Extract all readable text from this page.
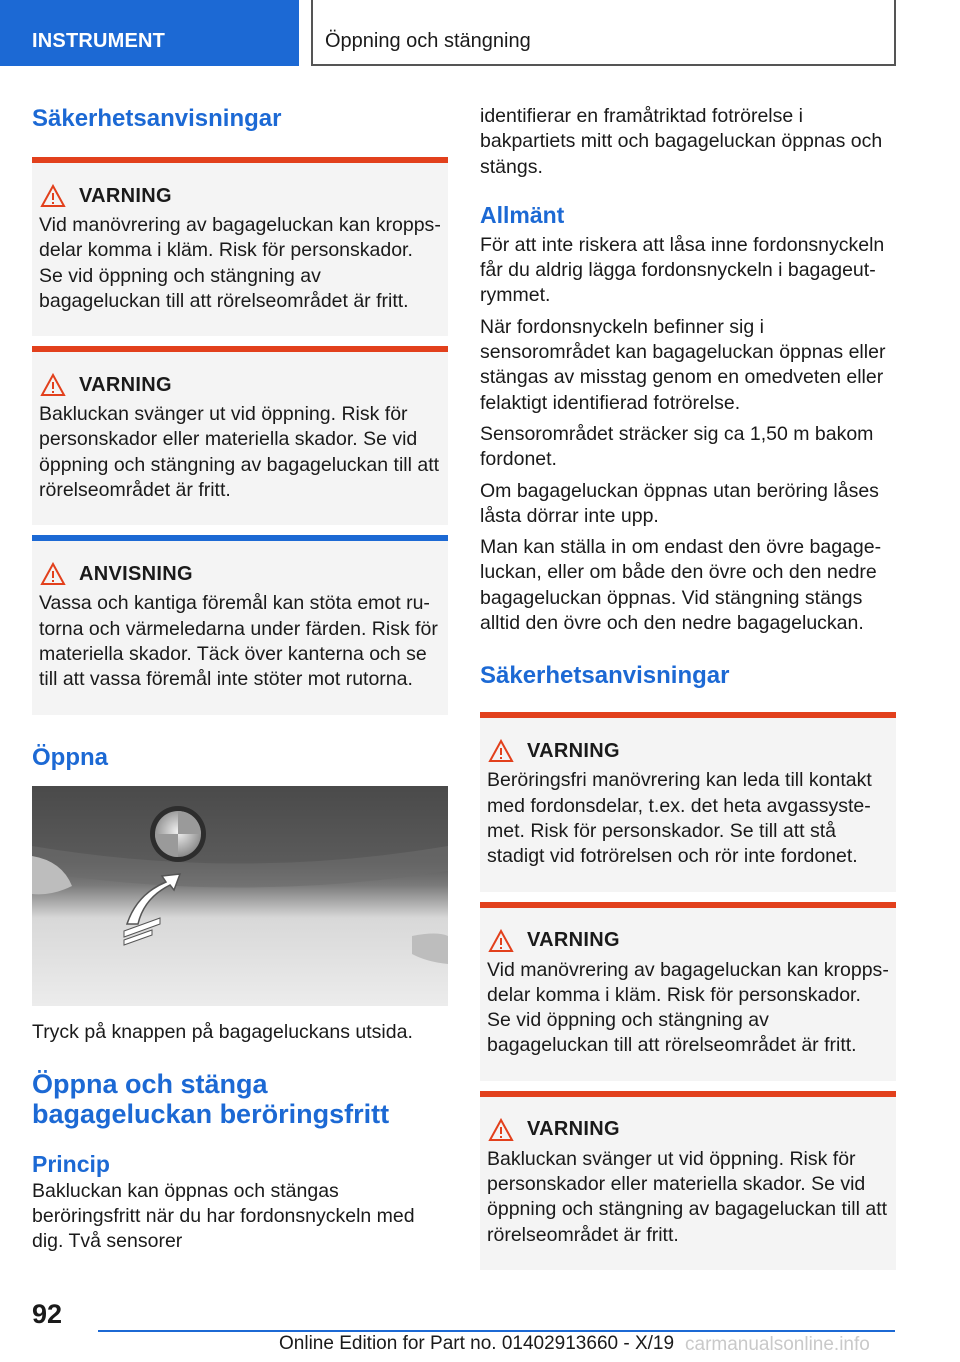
INSTRUMENT	Öppning och stängning
Säkerhetsanvisningar
VARNING

Vid manövrering av bagageluckan kan kroppsdelar komma i kläm. Risk för personskador. Se vid öppning och stängning av bagageluckan till att rörelseområdet är fritt.

VARNING

Bakluckan svänger ut vid öppning. Risk för personskador eller materiella skador. Se vid öppning och stängning av bagageluckan till att rörelseområdet är fritt.

ANVISNING

Vassa och kantiga föremål kan stöta emot rutorna och värmeledarna under färden. Risk för materiella skador. Täck över kanterna och se till att vassa föremål inte stöter mot rutorna.

Öppna

Tryck på knappen på bagageluckans utsida.

Öppna och stänga bagageluckan beröringsfritt
Princip

Bakluckan kan öppnas och stängas beröringsfritt när du har fordonsnyckeln med dig. Två sensorer

identifierar en framåtriktad fotrörelse i bakpartiets mitt och bagageluckan öppnas och stängs.

Allmänt

För att inte riskera att låsa inne fordonsnyckeln får du aldrig lägga fordonsnyckeln i bagageutrymmet.

När fordonsnyckeln befinner sig i sensorområdet kan bagageluckan öppnas eller stängas av misstag genom en omedveten eller felaktigt identifierad fotrörelse.

Sensorområdet sträcker sig ca 1,50 m bakom fordonet.

Om bagageluckan öppnas utan beröring låses låsta dörrar inte upp.

Man kan ställa in om endast den övre bagageluckan, eller om både den övre och den nedre bagageluckan öppnas. Vid stängning stängs alltid den övre och den nedre bagageluckan.

Säkerhetsanvisningar
VARNING

Beröringsfri manövrering kan leda till kontakt med fordonsdelar, t.ex. det heta avgassystemet. Risk för personskador. Se till att stå stadigt vid fotrörelsen och rör inte fordonet.

VARNING

Vid manövrering av bagageluckan kan kroppsdelar komma i kläm. Risk för personskador. Se vid öppning och stängning av bagageluckan till att rörelseområdet är fritt.

VARNING

Bakluckan svänger ut vid öppning. Risk för personskador eller materiella skador. Se vid öppning och stängning av bagageluckan till att rörelseområdet är fritt.

92
Online Edition for Part no. 01402913660 - X/19 carmanualsonline.info
